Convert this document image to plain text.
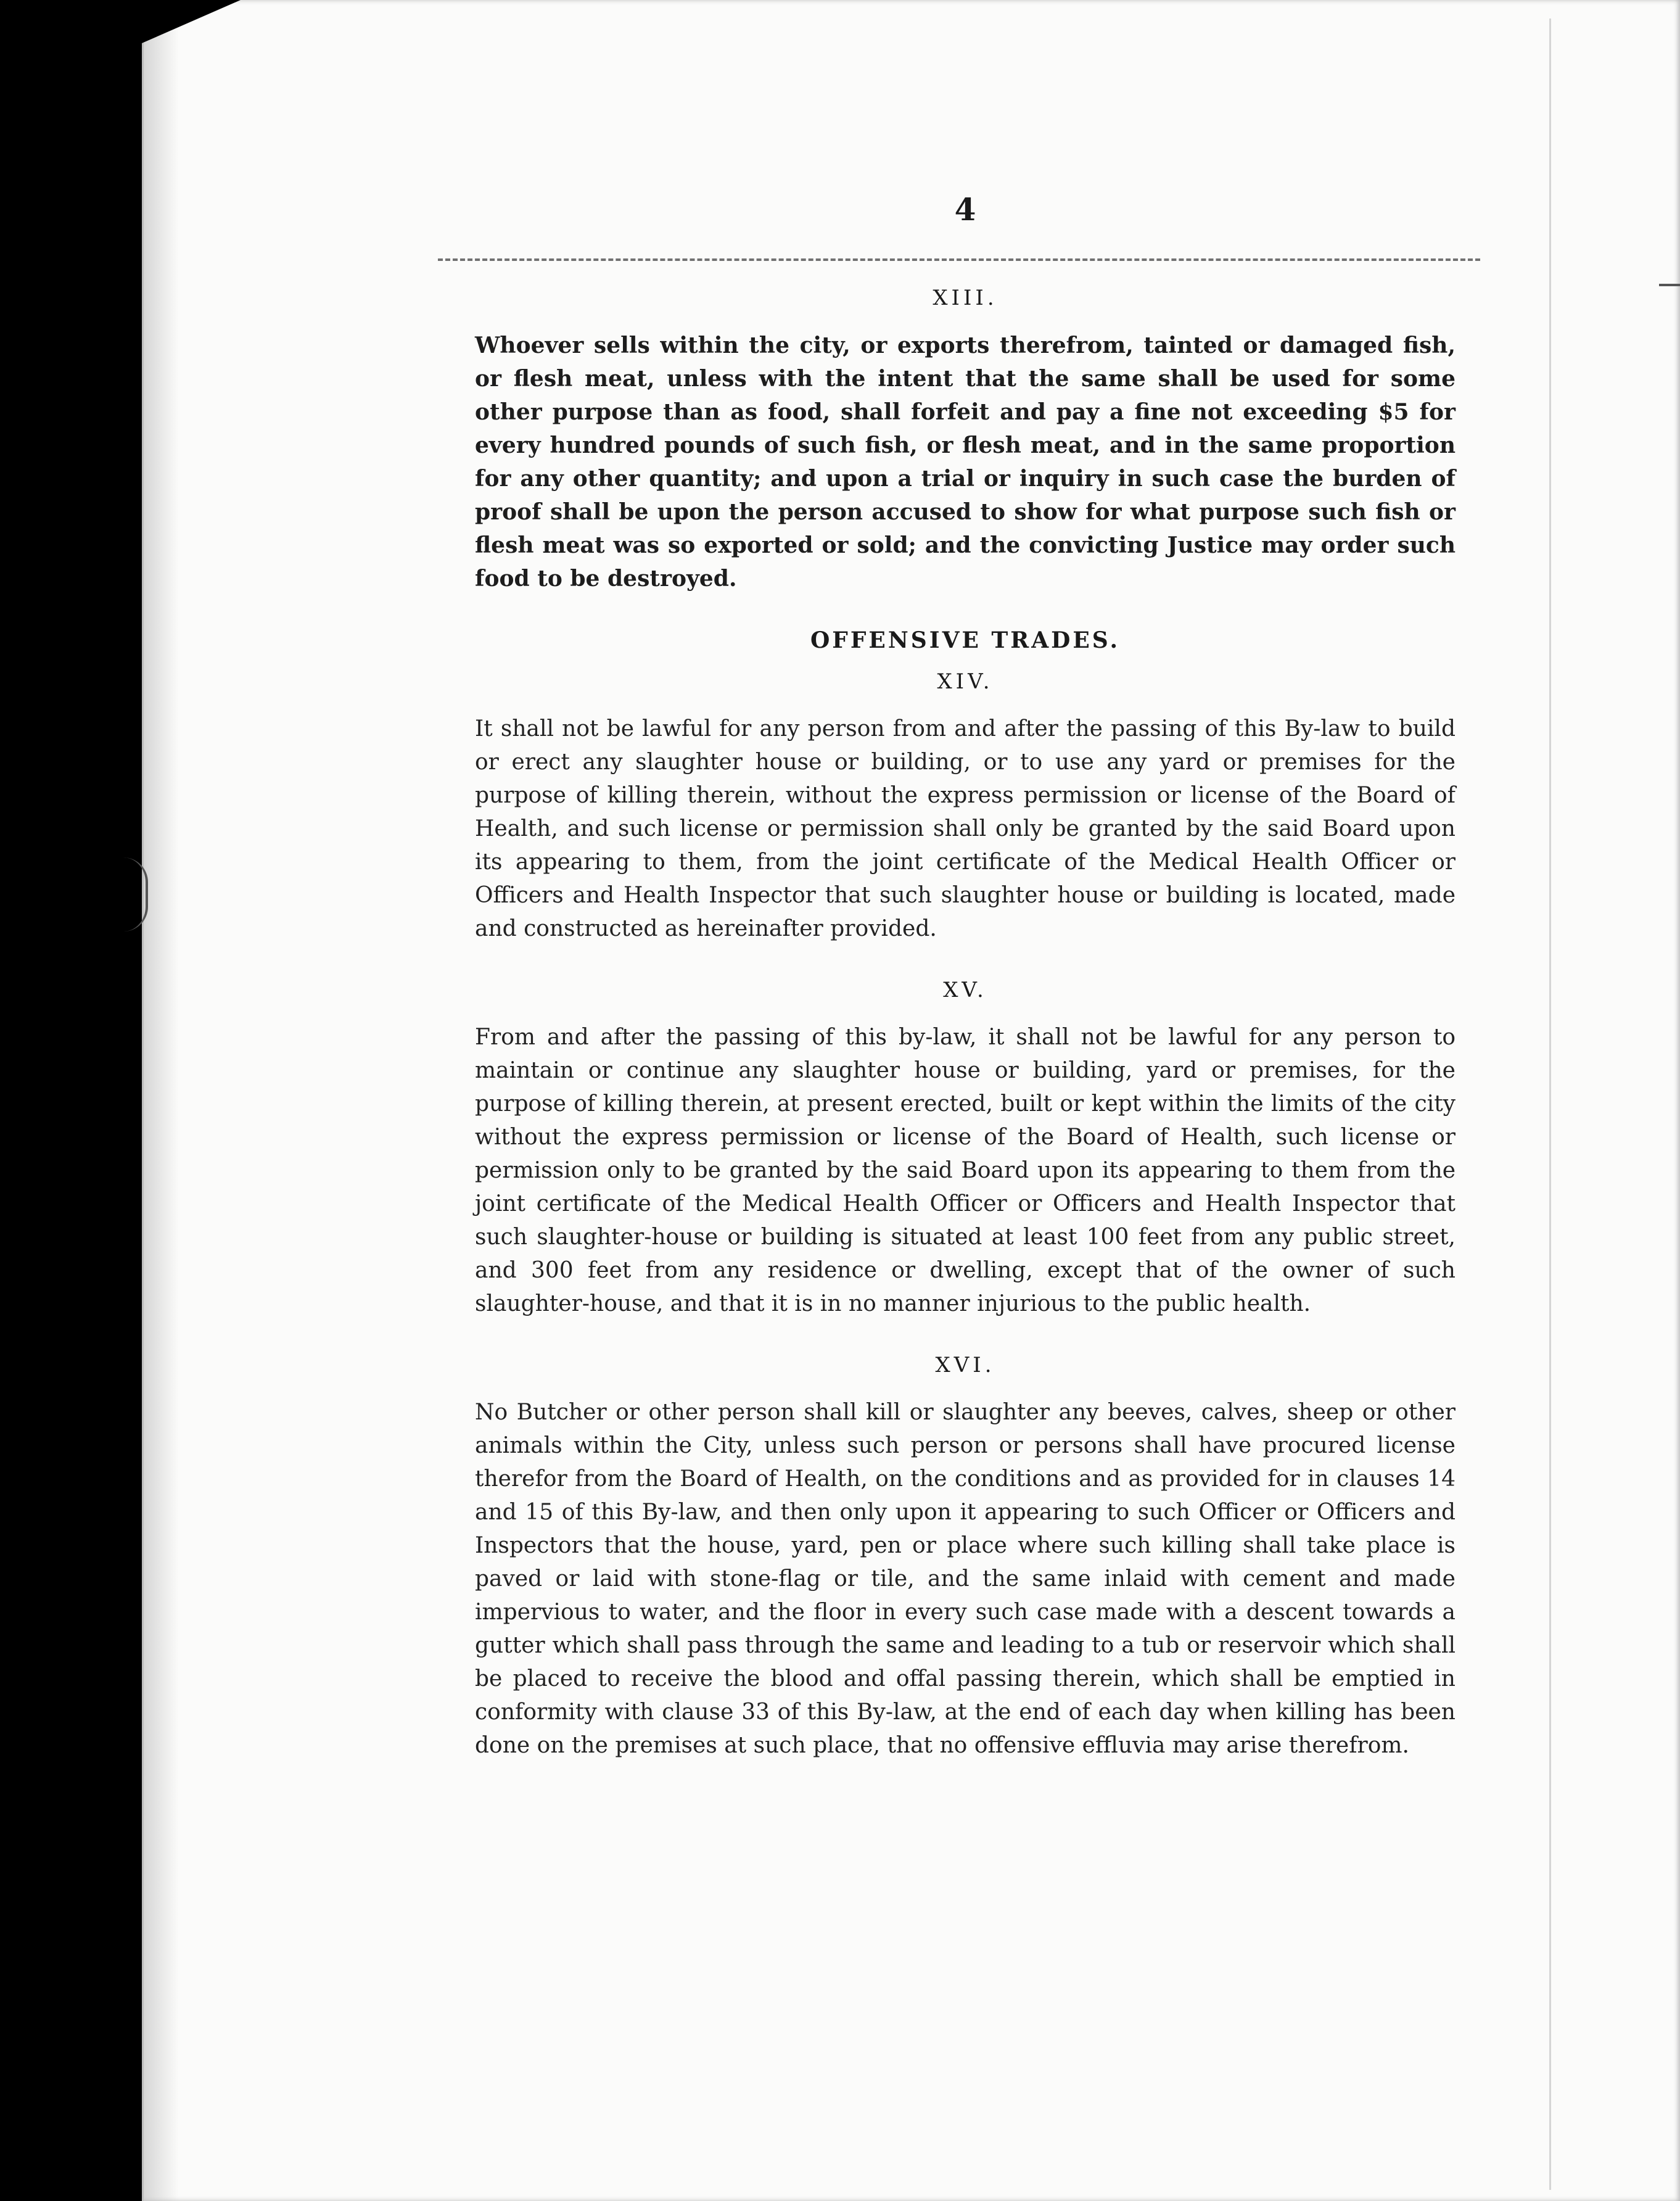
4
XIII.

Whoever sells within the city, or exports therefrom, tainted or damaged fish, or flesh meat, unless with the intent that the same shall be used for some other purpose than as food, shall forfeit and pay a fine not exceeding $5 for every hundred pounds of such fish, or flesh meat, and in the same proportion for any other quantity; and upon a trial or inquiry in such case the burden of proof shall be upon the person accused to show for what purpose such fish or flesh meat was so exported or sold; and the convicting Justice may order such food to be destroyed.

OFFENSIVE TRADES.
XIV.

It shall not be lawful for any person from and after the passing of this By-law to build or erect any slaughter house or building, or to use any yard or premises for the purpose of killing therein, without the express permission or license of the Board of Health, and such license or permission shall only be granted by the said Board upon its appearing to them, from the joint certificate of the Medical Health Officer or Officers and Health Inspector that such slaughter house or building is located, made and constructed as hereinafter provided.

XV.

From and after the passing of this by-law, it shall not be lawful for any person to maintain or continue any slaughter house or building, yard or premises, for the purpose of killing therein, at present erected, built or kept within the limits of the city without the express permission or license of the Board of Health, such license or permission only to be granted by the said Board upon its appearing to them from the joint certificate of the Medical Health Officer or Officers and Health Inspector that such slaughter-house or building is situated at least 100 feet from any public street, and 300 feet from any residence or dwelling, except that of the owner of such slaughter-house, and that it is in no manner injurious to the public health.

XVI.

No Butcher or other person shall kill or slaughter any beeves, calves, sheep or other animals within the City, unless such person or persons shall have procured license therefor from the Board of Health, on the conditions and as provided for in clauses 14 and 15 of this By-law, and then only upon it appearing to such Officer or Officers and Inspectors that the house, yard, pen or place where such killing shall take place is paved or laid with stone-flag or tile, and the same inlaid with cement and made impervious to water, and the floor in every such case made with a descent towards a gutter which shall pass through the same and leading to a tub or reservoir which shall be placed to receive the blood and offal passing therein, which shall be emptied in conformity with clause 33 of this By-law, at the end of each day when killing has been done on the premises at such place, that no offensive effluvia may arise therefrom.
